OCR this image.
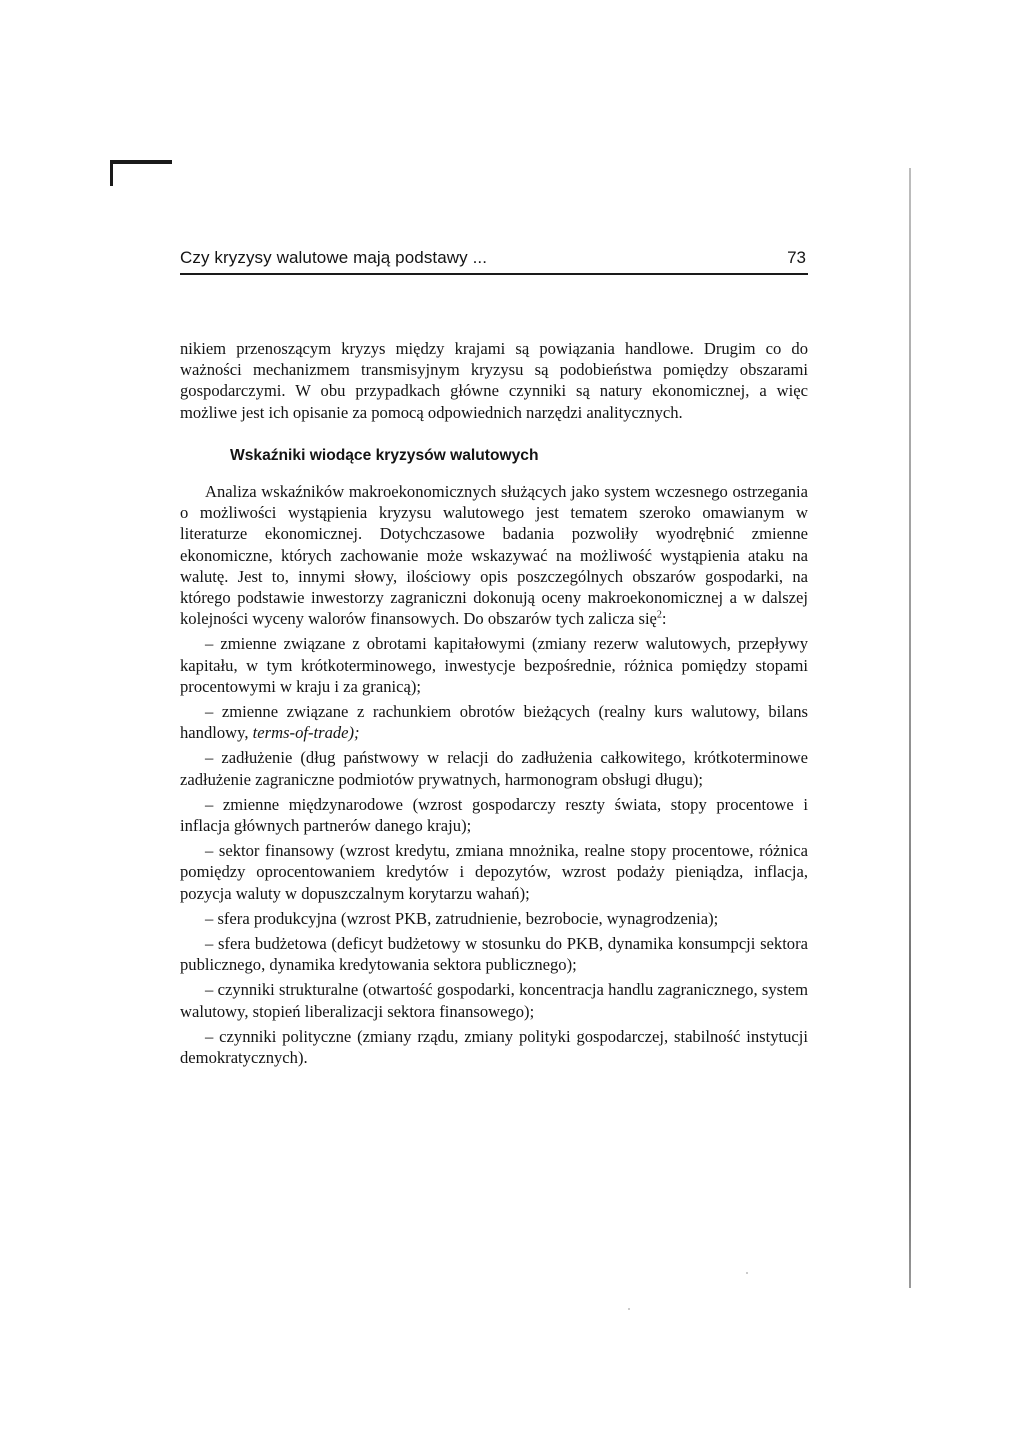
Czy kryzysy walutowe mają podstawy ...	73

nikiem przenoszącym kryzys między krajami są powiązania handlowe. Drugim co do ważności mechanizmem transmisyjnym kryzysu są podobieństwa pomiędzy obszarami gospodarczymi. W obu przypadkach główne czynniki są natury ekonomicznej, a więc możliwe jest ich opisanie za pomocą odpowiednich narzędzi analitycznych.

Wskaźniki wiodące kryzysów walutowych

Analiza wskaźników makroekonomicznych służących jako system wczesnego ostrzegania o możliwości wystąpienia kryzysu walutowego jest tematem szeroko omawianym w literaturze ekonomicznej. Dotychczasowe badania pozwoliły wyodrębnić zmienne ekonomiczne, których zachowanie może wskazywać na możliwość wystąpienia ataku na walutę. Jest to, innymi słowy, ilościowy opis poszczególnych obszarów gospodarki, na którego podstawie inwestorzy zagraniczni dokonują oceny makroekonomicznej a w dalszej kolejności wyceny walorów finansowych. Do obszarów tych zalicza się$^2$:

– zmienne związane z obrotami kapitałowymi (zmiany rezerw walutowych, przepływy kapitału, w tym krótkoterminowego, inwestycje bezpośrednie, różnica pomiędzy stopami procentowymi w kraju i za granicą);

– zmienne związane z rachunkiem obrotów bieżących (realny kurs walutowy, bilans handlowy, terms-of-trade);

– zadłużenie (dług państwowy w relacji do zadłużenia całkowitego, krótkoterminowe zadłużenie zagraniczne podmiotów prywatnych, harmonogram obsługi długu);

– zmienne międzynarodowe (wzrost gospodarczy reszty świata, stopy procentowe i inflacja głównych partnerów danego kraju);

– sektor finansowy (wzrost kredytu, zmiana mnożnika, realne stopy procentowe, różnica pomiędzy oprocentowaniem kredytów i depozytów, wzrost podaży pieniądza, inflacja, pozycja waluty w dopuszczalnym korytarzu wahań);

– sfera produkcyjna (wzrost PKB, zatrudnienie, bezrobocie, wynagrodzenia);

– sfera budżetowa (deficyt budżetowy w stosunku do PKB, dynamika konsumpcji sektora publicznego, dynamika kredytowania sektora publicznego);

– czynniki strukturalne (otwartość gospodarki, koncentracja handlu zagranicznego, system walutowy, stopień liberalizacji sektora finansowego);

– czynniki polityczne (zmiany rządu, zmiany polityki gospodarczej, stabilność instytucji demokratycznych).
